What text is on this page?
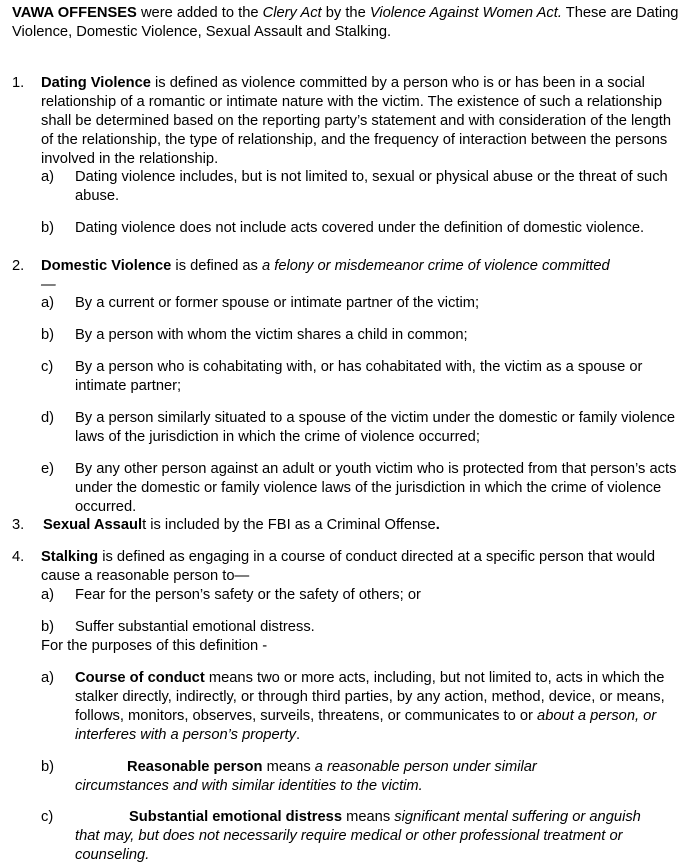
VAWA OFFENSES were added to the Clery Act by the Violence Against Women Act. These are Dating Violence, Domestic Violence, Sexual Assault and Stalking.

1. Dating Violence is defined as violence committed by a person who is or has been in a social relationship of a romantic or intimate nature with the victim. The existence of such a relationship shall be determined based on the reporting party’s statement and with consideration of the length of the relationship, the type of relationship, and the frequency of interaction between the persons involved in the relationship.

a) Dating violence includes, but is not limited to, sexual or physical abuse or the threat of such abuse.

b) Dating violence does not include acts covered under the definition of domestic violence.

2. Domestic Violence is defined as a felony or misdemeanor crime of violence committed—

a) By a current or former spouse or intimate partner of the victim;

b) By a person with whom the victim shares a child in common;

c) By a person who is cohabitating with, or has cohabitated with, the victim as a spouse or intimate partner;

d) By a person similarly situated to a spouse of the victim under the domestic or family violence laws of the jurisdiction in which the crime of violence occurred;

e) By any other person against an adult or youth victim who is protected from that person’s acts under the domestic or family violence laws of the jurisdiction in which the crime of violence occurred.

3. Sexual Assault is included by the FBI as a Criminal Offense.

4. Stalking is defined as engaging in a course of conduct directed at a specific person that would cause a reasonable person to—

a) Fear for the person’s safety or the safety of others; or

b) Suffer substantial emotional distress.

For the purposes of this definition -

a) Course of conduct means two or more acts, including, but not limited to, acts in which the stalker directly, indirectly, or through third parties, by any action, method, device, or means, follows, monitors, observes, surveils, threatens, or communicates to or about a person, or interferes with a person’s property.

b)	Reasonable person means a reasonable person under similar circumstances and with similar identities to the victim.

c)	Substantial emotional distress means significant mental suffering or anguish that may, but does not necessarily require medical or other professional treatment or counseling.
